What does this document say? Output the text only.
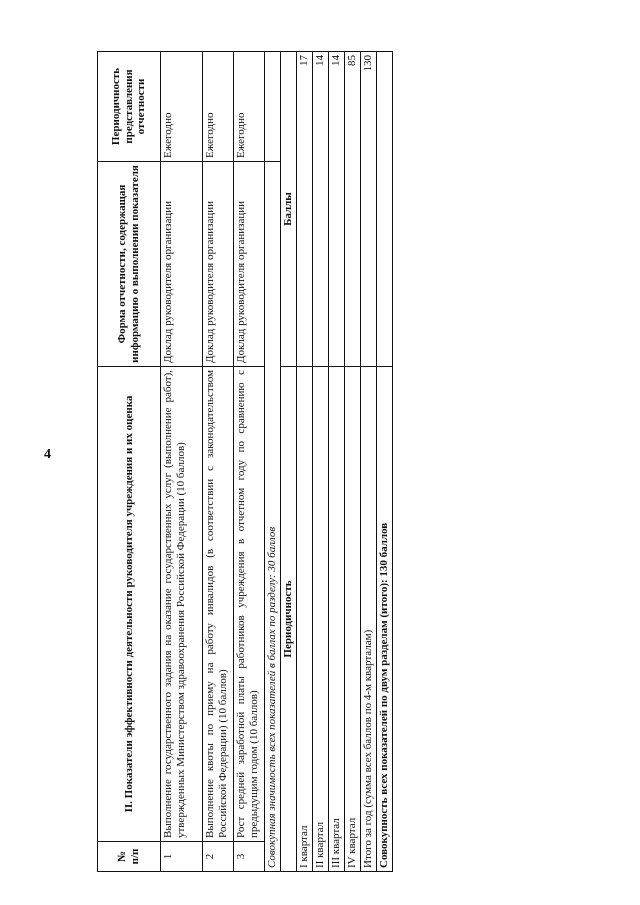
4
№ п/п	II. Показатели эффективности деятельности руководителя учреждения и их оценка	Форма отчетности, содержащая информацию о выполнении показателя	Периодичность представления отчетности
1	Выполнение государственного задания на оказание государственных услуг (выполнение работ), утвержденных Министерством здравоохранения Российской Федерации (10 баллов)	Доклад руководителя организации	Ежегодно
2	Выполнение квоты по приему на работу инвалидов (в соответствии с законодательством Российской Федерации) (10 баллов)	Доклад руководителя организации	Ежегодно
3	Рост средней заработной платы работников учреждения в отчетном году по сравнению с предыдущим годом (10 баллов)	Доклад руководителя организации	Ежегодно
Совокупная значимость всех показателей в баллах по разделу: 30 баллов			
Периодичность		Баллы	
I квартал		17	
II квартал		14	
III квартал		14	
IV квартал		85	
Итого за год (сумма всех баллов по 4-м кварталам)		130	
Совокупность всех показателей по двум разделам (итого): 130 баллов			
